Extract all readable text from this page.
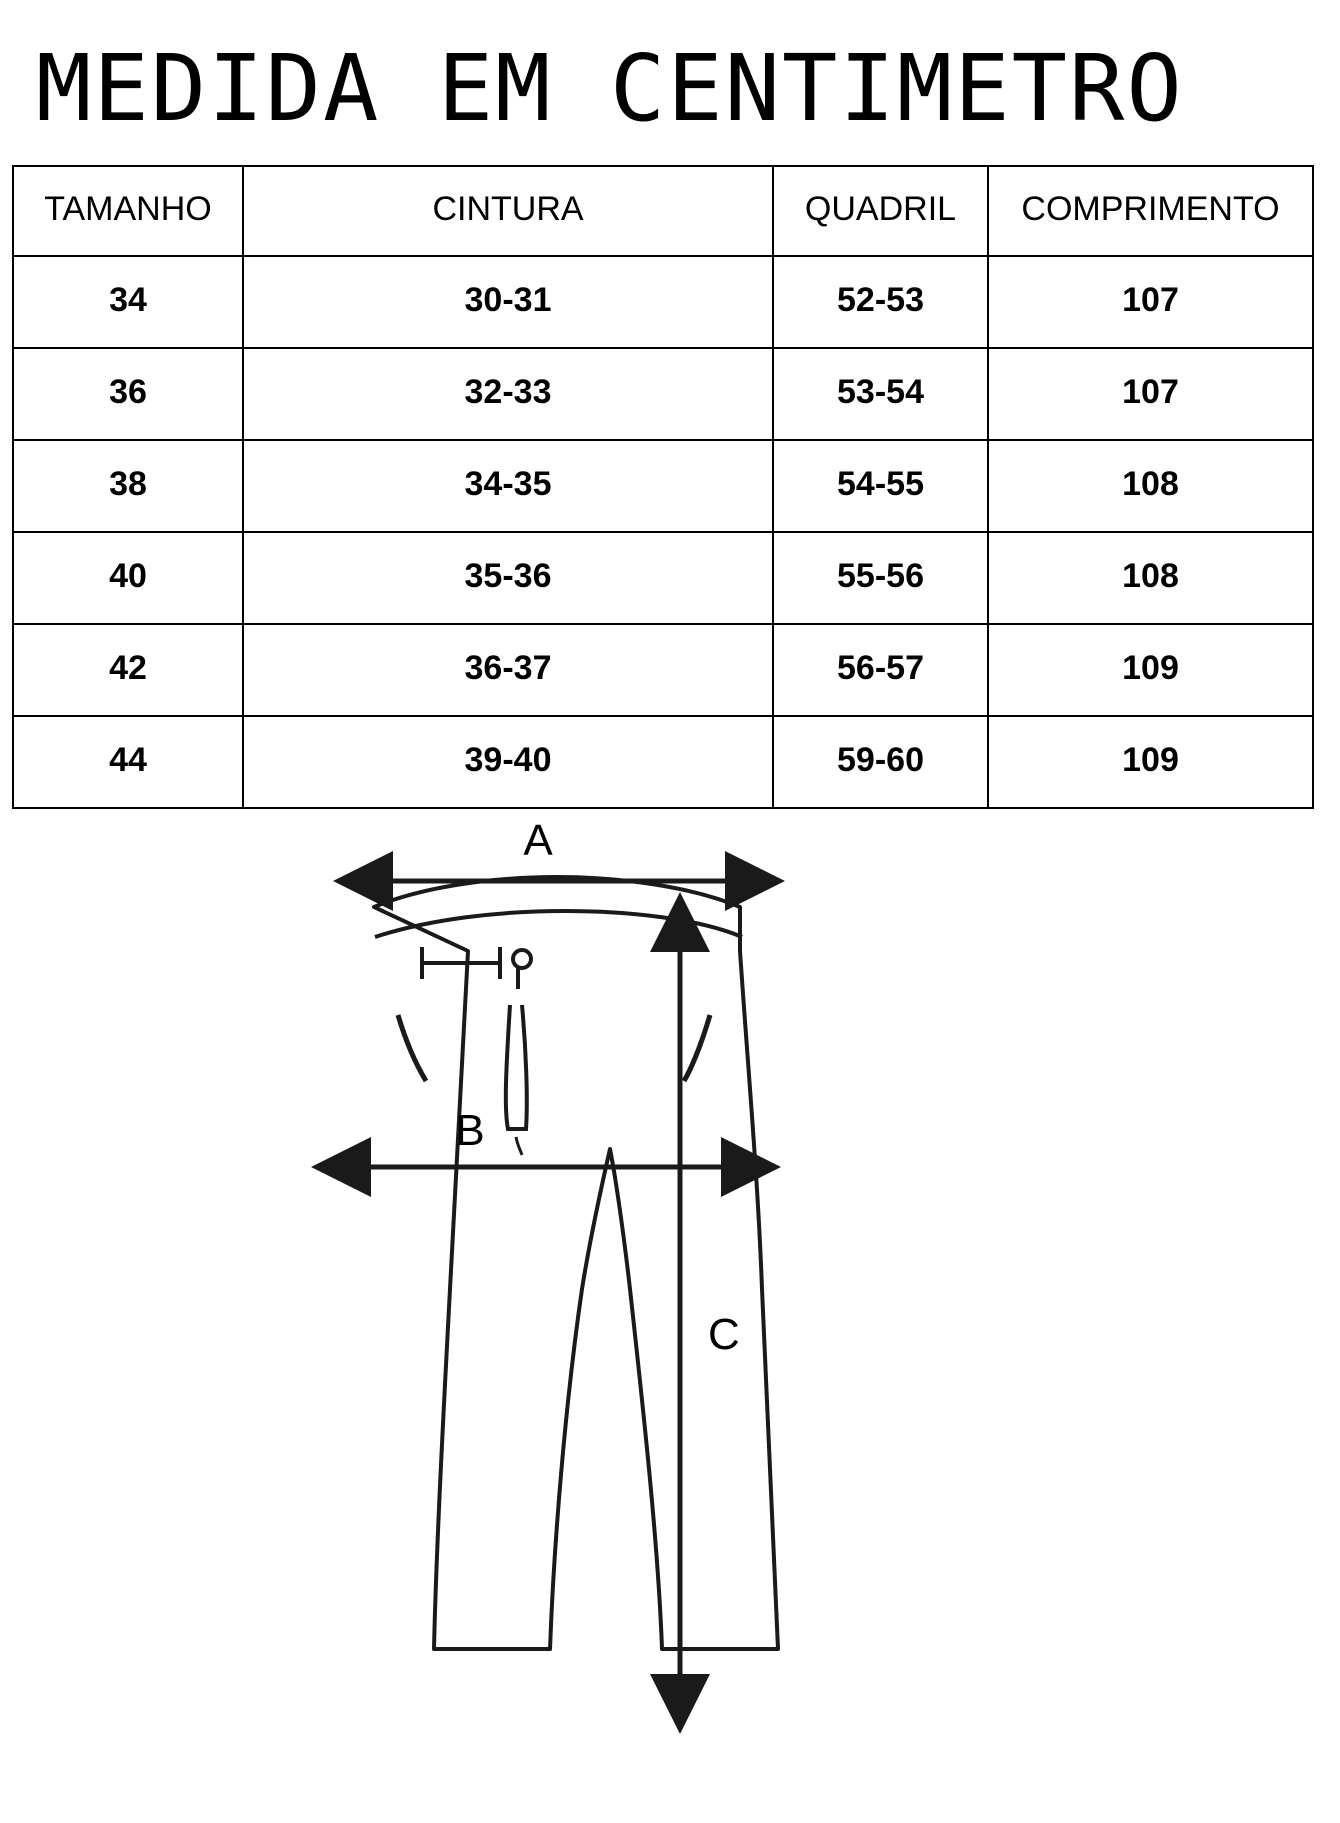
MEDIDA EM CENTIMETRO
TAMANHO	CINTURA	QUADRIL	COMPRIMENTO
34	30-31	52-53	107
36	32-33	53-54	107
38	34-35	54-55	108
40	35-36	55-56	108
42	36-37	56-57	109
44	39-40	59-60	109
A
B
C
